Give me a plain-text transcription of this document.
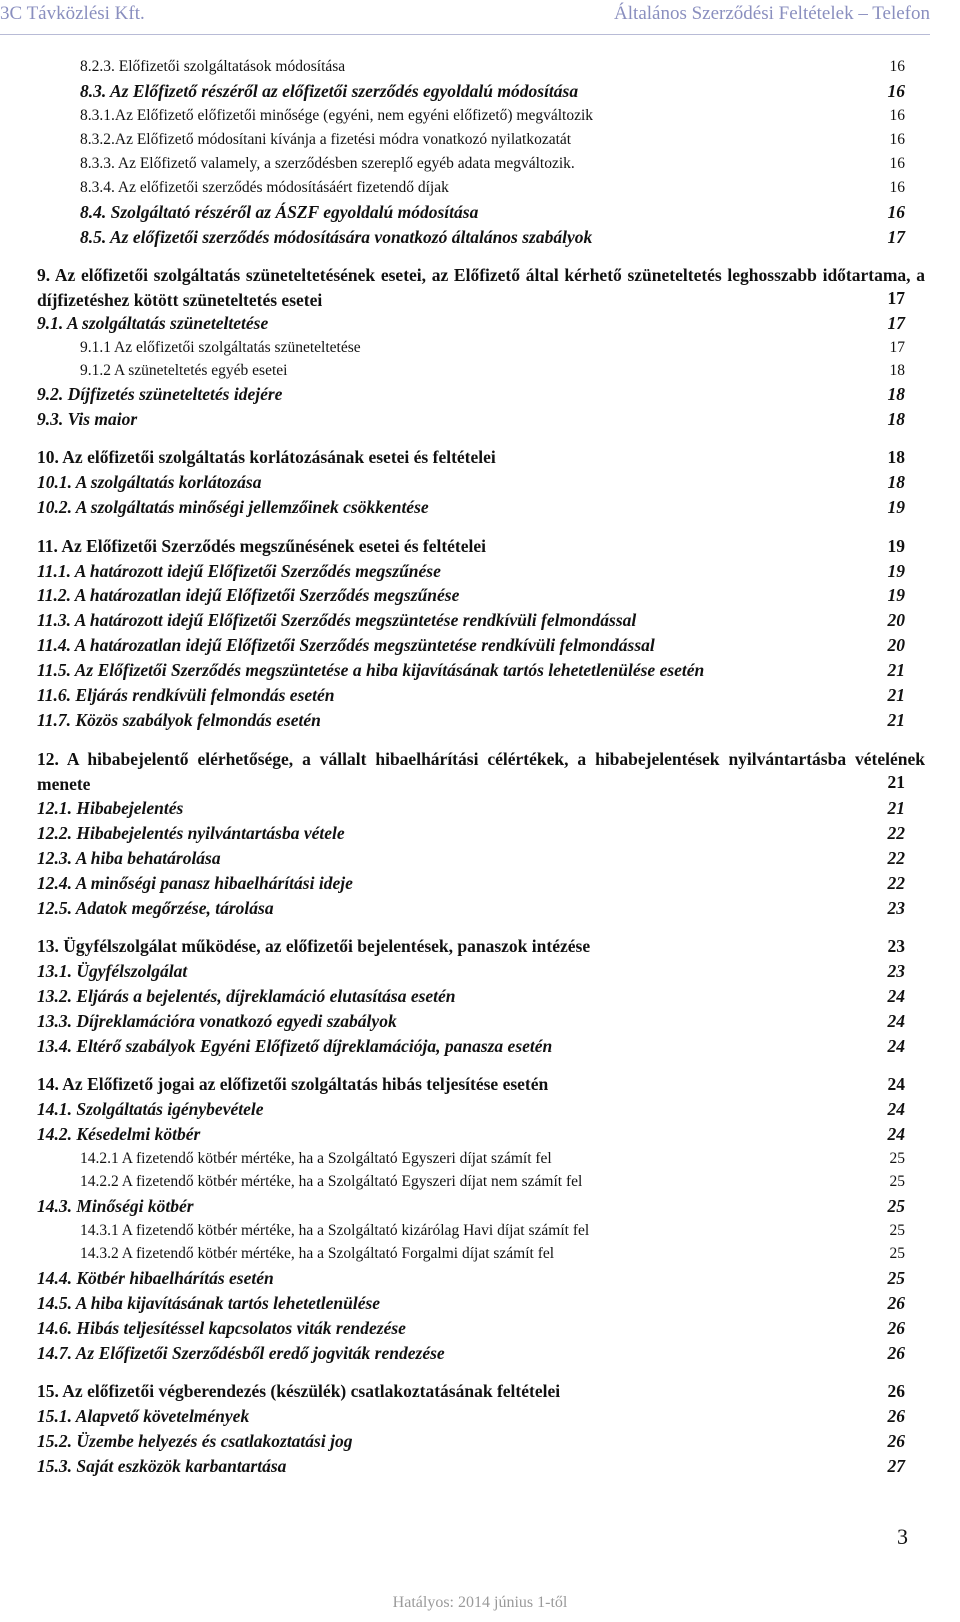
3C Távközlési Kft.	Általános Szerződési Feltételek – Telefon
8.2.3. Előfizetői szolgáltatások módosítása	16
8.3. Az Előfizető részéről az előfizetői szerződés egyoldalú módosítása	16
8.3.1.Az Előfizető előfizetői minősége (egyéni, nem egyéni előfizető) megváltozik	16
8.3.2.Az Előfizető módosítani kívánja a fizetési módra vonatkozó nyilatkozatát	16
8.3.3. Az Előfizető valamely, a szerződésben szereplő egyéb adata megváltozik.	16
8.3.4. Az előfizetői szerződés módosításáért fizetendő díjak	16
8.4. Szolgáltató részéről az ÁSZF egyoldalú módosítása	16
8.5. Az előfizetői szerződés módosítására vonatkozó általános szabályok	17
9. Az előfizetői szolgáltatás szüneteltetésének esetei, az Előfizető által kérhető szüneteltetés leghosszabb időtartama, a díjfizetéshez kötött szüneteltetés esetei	17
9.1. A szolgáltatás szüneteltetése	17
9.1.1 Az előfizetői szolgáltatás szüneteltetése	17
9.1.2 A szüneteltetés egyéb esetei	18
9.2. Díjfizetés szüneteltetés idejére	18
9.3. Vis maior	18
10. Az előfizetői szolgáltatás korlátozásának esetei és feltételei	18
10.1. A szolgáltatás korlátozása	18
10.2. A szolgáltatás minőségi jellemzőinek csökkentése	19
11. Az Előfizetői Szerződés megszűnésének esetei és feltételei	19
11.1. A határozott idejű Előfizetői Szerződés megszűnése	19
11.2. A határozatlan idejű Előfizetői Szerződés megszűnése	19
11.3. A határozott idejű Előfizetői Szerződés megszüntetése rendkívüli felmondással	20
11.4. A határozatlan idejű Előfizetői Szerződés megszüntetése rendkívüli felmondással	20
11.5. Az Előfizetői Szerződés megszüntetése a hiba kijavításának tartós lehetetlenülése esetén	21
11.6. Eljárás rendkívüli felmondás esetén	21
11.7. Közös szabályok felmondás esetén	21
12. A hibabejelentő elérhetősége, a vállalt hibaelhárítási célértékek, a hibabejelentések nyilvántartásba vételének menete	21
12.1. Hibabejelentés	21
12.2. Hibabejelentés nyilvántartásba vétele	22
12.3. A hiba behatárolása	22
12.4. A minőségi panasz hibaelhárítási ideje	22
12.5. Adatok megőrzése, tárolása	23
13. Ügyfélszolgálat működése, az előfizetői bejelentések, panaszok intézése	23
13.1. Ügyfélszolgálat	23
13.2. Eljárás a bejelentés, díjreklamáció elutasítása esetén	24
13.3. Díjreklamációra vonatkozó egyedi szabályok	24
13.4. Eltérő szabályok Egyéni Előfizető díjreklamációja, panasza esetén	24
14. Az Előfizető jogai az előfizetői szolgáltatás hibás teljesítése esetén	24
14.1. Szolgáltatás igénybevétele	24
14.2. Késedelmi kötbér	24
14.2.1 A fizetendő kötbér mértéke, ha a Szolgáltató Egyszeri díjat számít fel	25
14.2.2 A fizetendő kötbér mértéke, ha a Szolgáltató Egyszeri díjat nem számít fel	25
14.3. Minőségi kötbér	25
14.3.1 A fizetendő kötbér mértéke, ha a Szolgáltató kizárólag Havi díjat számít fel	25
14.3.2 A fizetendő kötbér mértéke, ha a Szolgáltató Forgalmi díjat számít fel	25
14.4. Kötbér hibaelhárítás esetén	25
14.5. A hiba kijavításának tartós lehetetlenülése	26
14.6. Hibás teljesítéssel kapcsolatos viták rendezése	26
14.7. Az Előfizetői Szerződésből eredő jogviták rendezése	26
15. Az előfizetői végberendezés (készülék) csatlakoztatásának feltételei	26
15.1. Alapvető követelmények	26
15.2. Üzembe helyezés és csatlakoztatási jog	26
15.3. Saját eszközök karbantartása	27
3
Hatályos: 2014 június 1-től
